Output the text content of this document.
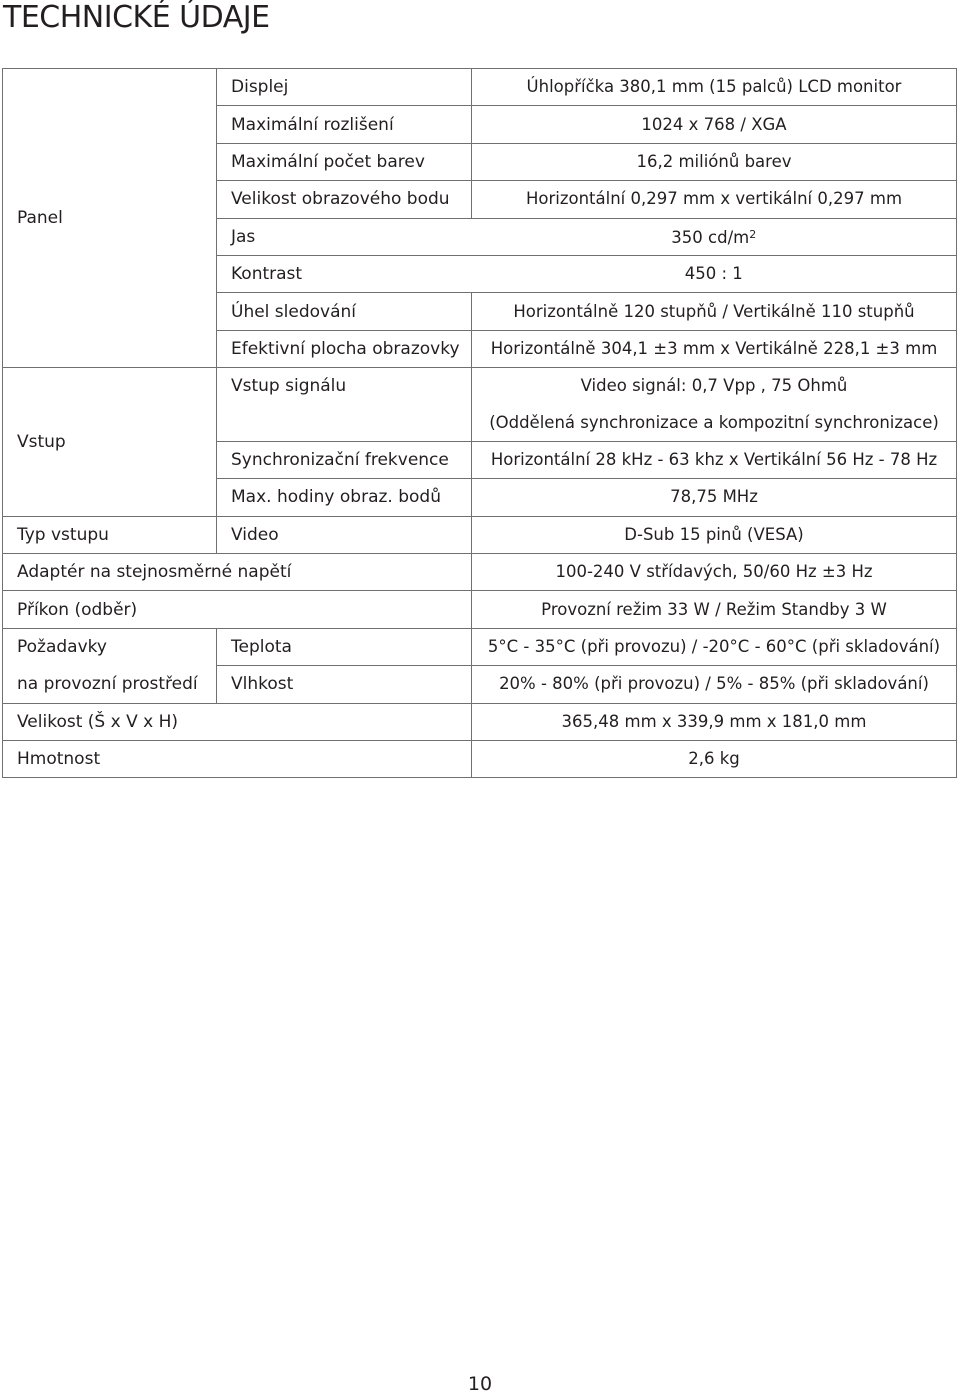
TECHNICKÉ ÚDAJE
Panel	Displej	Úhlopříčka 380,1 mm (15 palců) LCD monitor
	Maximální rozlišení	1024 x 768 / XGA
	Maximální počet barev	16,2 miliónů barev
	Velikost obrazového bodu	Horizontální 0,297 mm x vertikální 0,297 mm
	Jas	350 $cd/m^2$
	Kontrast	450 : 1
	Úhel sledování	Horizontálně 120 stupňů / Vertikálně 110 stupňů
	Efektivní plocha obrazovky	Horizontálně 304,1 ±3 mm x Vertikálně 228,1 ±3 mm
Vstup	Vstup signálu	Video signál: 0,7 Vpp , 75 Ohmů
		(Oddělená synchronizace a kompozitní synchronizace)
	Synchronizační frekvence	Horizontální 28 kHz - 63 khz x Vertikální 56 Hz - 78 Hz
	Max. hodiny obraz. bodů	78,75 MHz
Typ vstupu	Video	D-Sub 15 pinů (VESA)
Adaptér na stejnosměrné napětí		100-240 V střídavých, 50/60 Hz ±3 Hz
Příkon (odběr)		Provozní režim 33 W / Režim Standby 3 W
Požadavky	Teplota	5°C - 35°C (při provozu) / -20°C - 60°C (při skladování)
na provozní prostředí	Vlhkost	20% - 80% (při provozu) / 5% - 85% (při skladování)
Velikost (Š x V x H)		365,48 mm x 339,9 mm x 181,0 mm
Hmotnost		2,6 kg
10
